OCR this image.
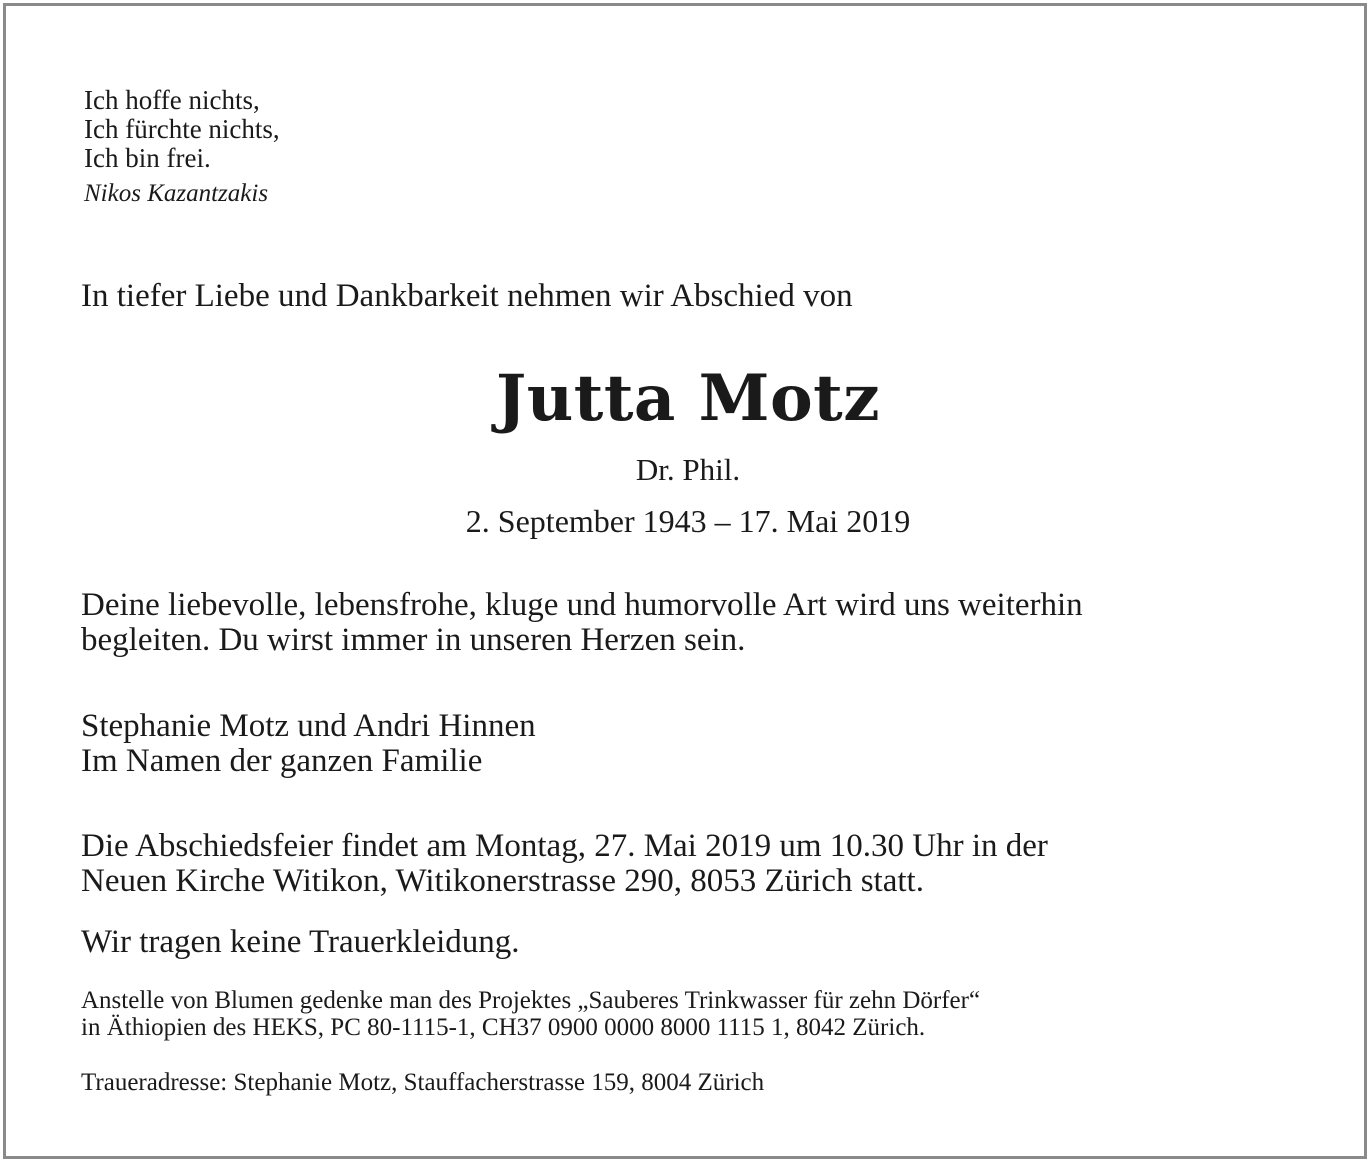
Ich hoffe nichts,
Ich fürchte nichts,
Ich bin frei.
Nikos Kazantzakis
In tiefer Liebe und Dankbarkeit nehmen wir Abschied von
Jutta Motz
Dr. Phil.
2. September 1943 – 17. Mai 2019
Deine liebevolle, lebensfrohe, kluge und humorvolle Art wird uns weiterhin
begleiten. Du wirst immer in unseren Herzen sein.
Stephanie Motz und Andri Hinnen
Im Namen der ganzen Familie
Die Abschiedsfeier findet am Montag, 27. Mai 2019 um 10.30 Uhr in der
Neuen Kirche Witikon, Witikonerstrasse 290, 8053 Zürich statt.
Wir tragen keine Trauerkleidung.
Anstelle von Blumen gedenke man des Projektes „Sauberes Trinkwasser für zehn Dörfer“
in Äthiopien des HEKS, PC 80-1115-1, CH37 0900 0000 8000 1115 1, 8042 Zürich.
Traueradresse: Stephanie Motz, Stauffacherstrasse 159, 8004 Zürich
